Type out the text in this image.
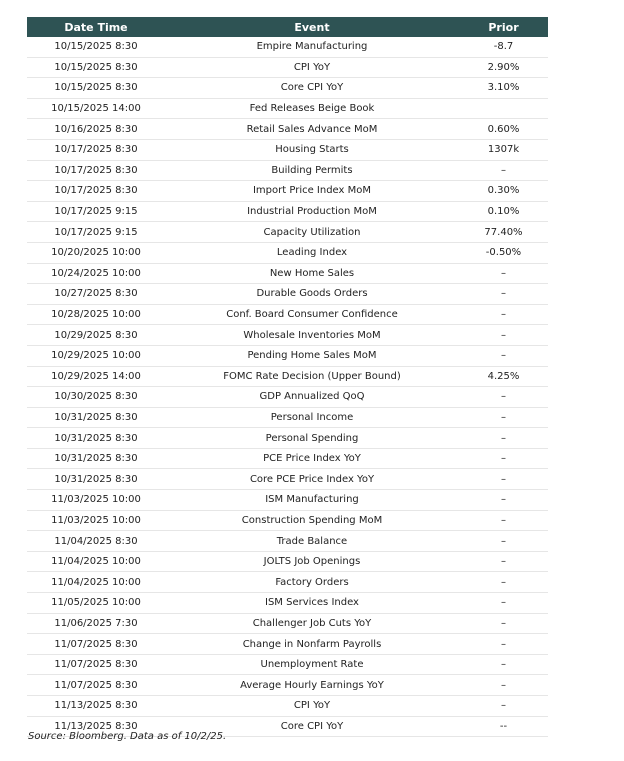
Date Time	Event	Prior
10/15/2025 8:30	Empire Manufacturing	-8.7
10/15/2025 8:30	CPI YoY	2.90%
10/15/2025 8:30	Core CPI YoY	3.10%
10/15/2025 14:00	Fed Releases Beige Book	
10/16/2025 8:30	Retail Sales Advance MoM	0.60%
10/17/2025 8:30	Housing Starts	1307k
10/17/2025 8:30	Building Permits	–
10/17/2025 8:30	Import Price Index MoM	0.30%
10/17/2025 9:15	Industrial Production MoM	0.10%
10/17/2025 9:15	Capacity Utilization	77.40%
10/20/2025 10:00	Leading Index	-0.50%
10/24/2025 10:00	New Home Sales	–
10/27/2025 8:30	Durable Goods Orders	–
10/28/2025 10:00	Conf. Board Consumer Confidence	–
10/29/2025 8:30	Wholesale Inventories MoM	–
10/29/2025 10:00	Pending Home Sales MoM	–
10/29/2025 14:00	FOMC Rate Decision (Upper Bound)	4.25%
10/30/2025 8:30	GDP Annualized QoQ	–
10/31/2025 8:30	Personal Income	–
10/31/2025 8:30	Personal Spending	–
10/31/2025 8:30	PCE Price Index YoY	–
10/31/2025 8:30	Core PCE Price Index YoY	–
11/03/2025 10:00	ISM Manufacturing	–
11/03/2025 10:00	Construction Spending MoM	–
11/04/2025 8:30	Trade Balance	–
11/04/2025 10:00	JOLTS Job Openings	–
11/04/2025 10:00	Factory Orders	–
11/05/2025 10:00	ISM Services Index	–
11/06/2025 7:30	Challenger Job Cuts YoY	–
11/07/2025 8:30	Change in Nonfarm Payrolls	–
11/07/2025 8:30	Unemployment Rate	–
11/07/2025 8:30	Average Hourly Earnings YoY	–
11/13/2025 8:30	CPI YoY	–
11/13/2025 8:30	Core CPI YoY	--
Source: Bloomberg. Data as of 10/2/25.
